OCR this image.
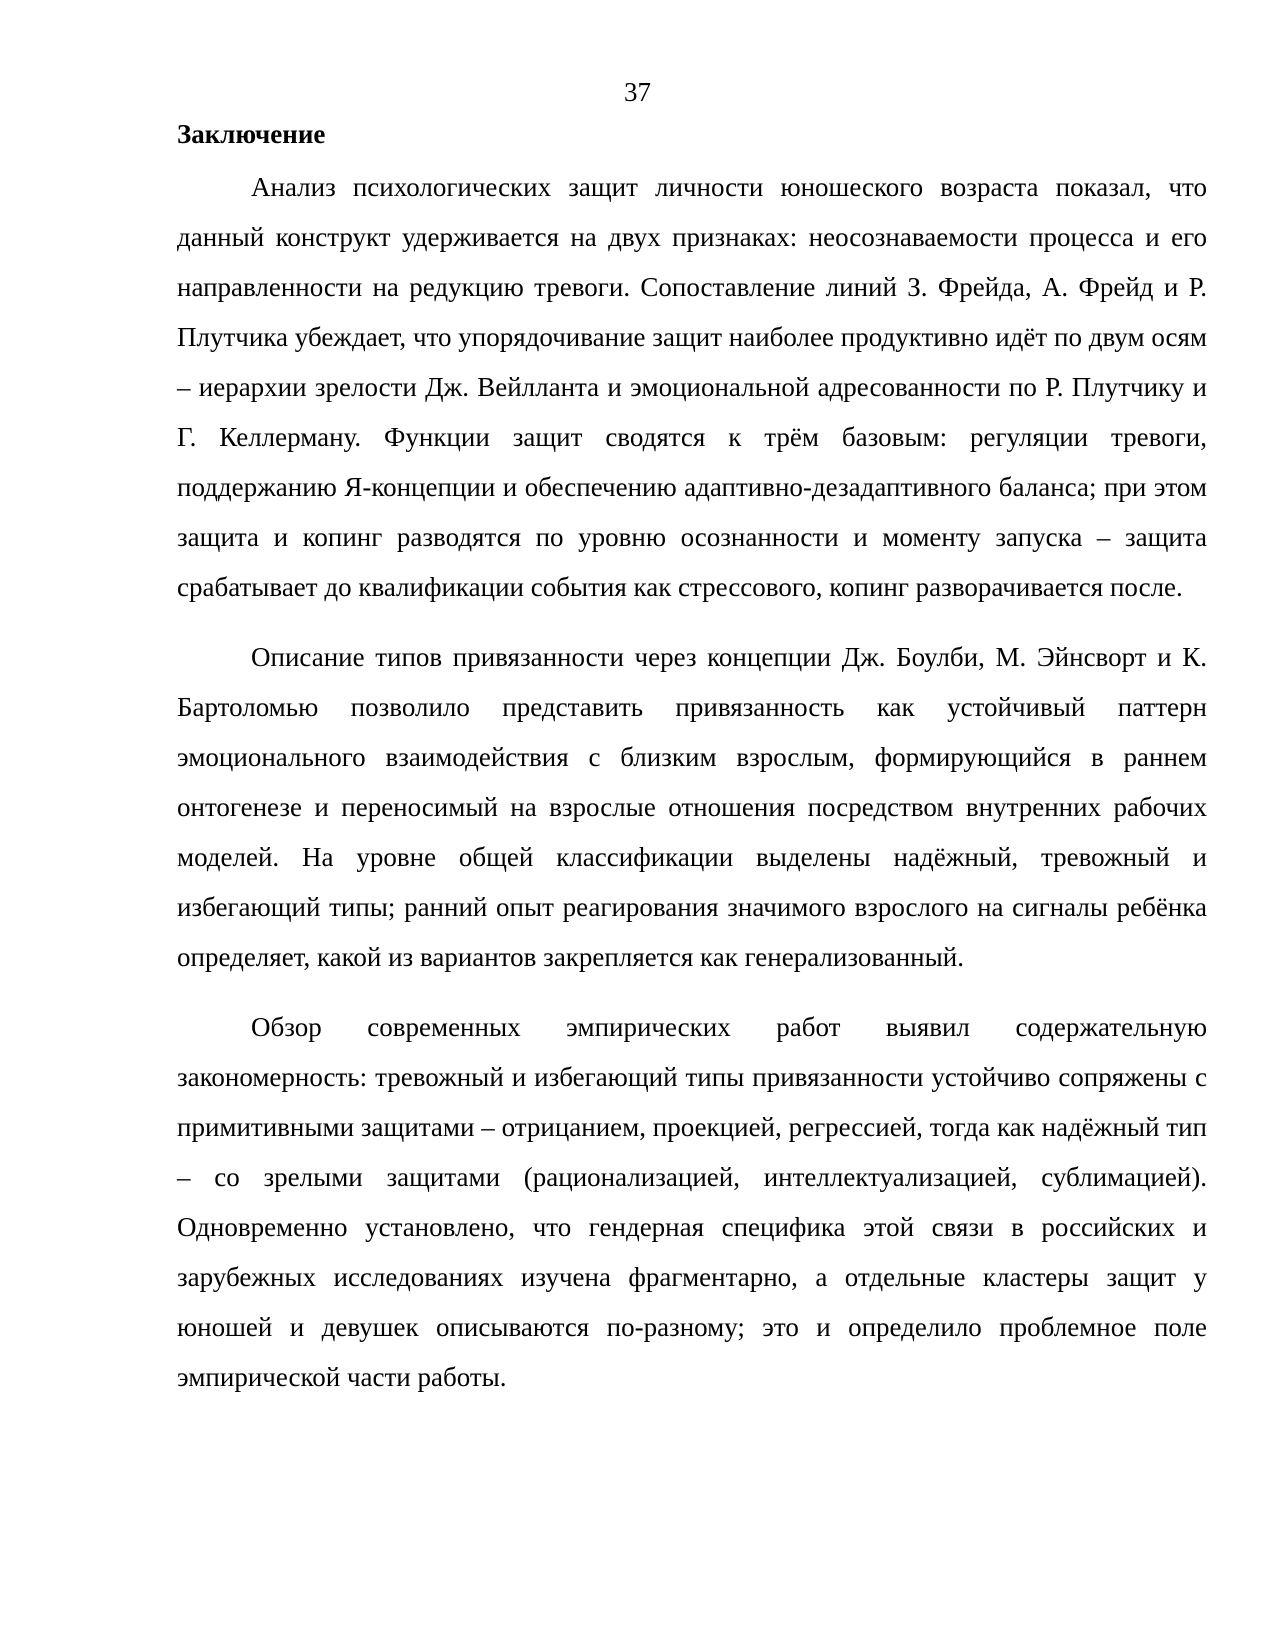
37
Заключение

Анализ психологических защит личности юношеского возраста показал, что данный конструкт удерживается на двух признаках: неосознаваемости процесса и его направленности на редукцию тревоги. Сопоставление линий З. Фрейда, А. Фрейд и Р. Плутчика убеждает, что упорядочивание защит наиболее продуктивно идёт по двум осям – иерархии зрелости Дж. Вейлланта и эмоциональной адресованности по Р. Плутчику и Г. Келлерману. Функции защит сводятся к трём базовым: регуляции тревоги, поддержанию Я-концепции и обеспечению адаптивно-дезадаптивного баланса; при этом защита и копинг разводятся по уровню осознанности и моменту запуска – защита срабатывает до квалификации события как стрессового, копинг разворачивается после.

Описание типов привязанности через концепции Дж. Боулби, М. Эйнсворт и К. Бартоломью позволило представить привязанность как устойчивый паттерн эмоционального взаимодействия с близким взрослым, формирующийся в раннем онтогенезе и переносимый на взрослые отношения посредством внутренних рабочих моделей. На уровне общей классификации выделены надёжный, тревожный и избегающий типы; ранний опыт реагирования значимого взрослого на сигналы ребёнка определяет, какой из вариантов закрепляется как генерализованный.

Обзор современных эмпирических работ выявил содержательную закономерность: тревожный и избегающий типы привязанности устойчиво сопряжены с примитивными защитами – отрицанием, проекцией, регрессией, тогда как надёжный тип – со зрелыми защитами (рационализацией, интеллектуализацией, сублимацией). Одновременно установлено, что гендерная специфика этой связи в российских и зарубежных исследованиях изучена фрагментарно, а отдельные кластеры защит у юношей и девушек описываются по-разному; это и определило проблемное поле эмпирической части работы.
